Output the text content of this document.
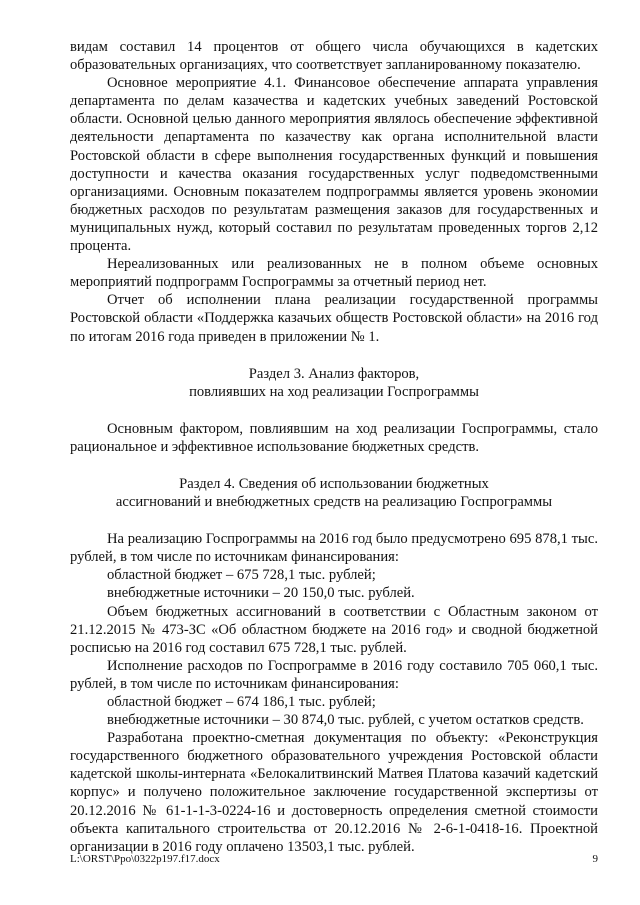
видам составил 14 процентов от общего числа обучающихся в кадетских образовательных организациях, что соответствует запланированному показателю.

Основное мероприятие 4.1. Финансовое обеспечение аппарата управления департамента по делам казачества и кадетских учебных заведений Ростовской области. Основной целью данного мероприятия являлось обеспечение эффективной деятельности департамента по казачеству как органа исполнительной власти Ростовской области в сфере выполнения государственных функций и повышения доступности и качества оказания государственных услуг подведомственными организациями. Основным показателем подпрограммы является уровень экономии бюджетных расходов по результатам размещения заказов для государственных и муниципальных нужд, который составил по результатам проведенных торгов 2,12 процента.

Нереализованных или реализованных не в полном объеме основных мероприятий подпрограмм Госпрограммы за отчетный период нет.

Отчет об исполнении плана реализации государственной программы Ростовской области «Поддержка казачьих обществ Ростовской области» на 2016 год по итогам 2016 года приведен в приложении № 1.

Раздел 3. Анализ факторов,
повлиявших на ход реализации Госпрограммы

Основным фактором, повлиявшим на ход реализации Госпрограммы, стало рациональное и эффективное использование бюджетных средств.

Раздел 4. Сведения об использовании бюджетных
ассигнований и внебюджетных средств на реализацию Госпрограммы

На реализацию Госпрограммы на 2016 год было предусмотрено 695 878,1 тыс. рублей, в том числе по источникам финансирования:

областной бюджет – 675 728,1 тыс. рублей;

внебюджетные источники – 20 150,0 тыс. рублей.

Объем бюджетных ассигнований в соответствии с Областным законом от 21.12.2015 № 473-ЗС «Об областном бюджете на 2016 год» и сводной бюджетной росписью на 2016 год составил 675 728,1 тыс. рублей.

Исполнение расходов по Госпрограмме в 2016 году составило 705 060,1 тыс. рублей, в том числе по источникам финансирования:

областной бюджет – 674 186,1 тыс. рублей;

внебюджетные источники – 30 874,0 тыс. рублей, с учетом остатков средств.

Разработана проектно-сметная документация по объекту: «Реконструкция государственного бюджетного образовательного учреждения Ростовской области кадетской школы-интерната «Белокалитвинский Матвея Платова казачий кадетский корпус» и получено положительное заключение государственной экспертизы от 20.12.2016 № 61-1-1-3-0224-16 и достоверность определения сметной стоимости объекта капитального строительства от 20.12.2016 № 2-6-1-0418-16. Проектной организации в 2016 году оплачено 13503,1 тыс. рублей.

L:\ORST\Ppo\0322p197.f17.docx	9
